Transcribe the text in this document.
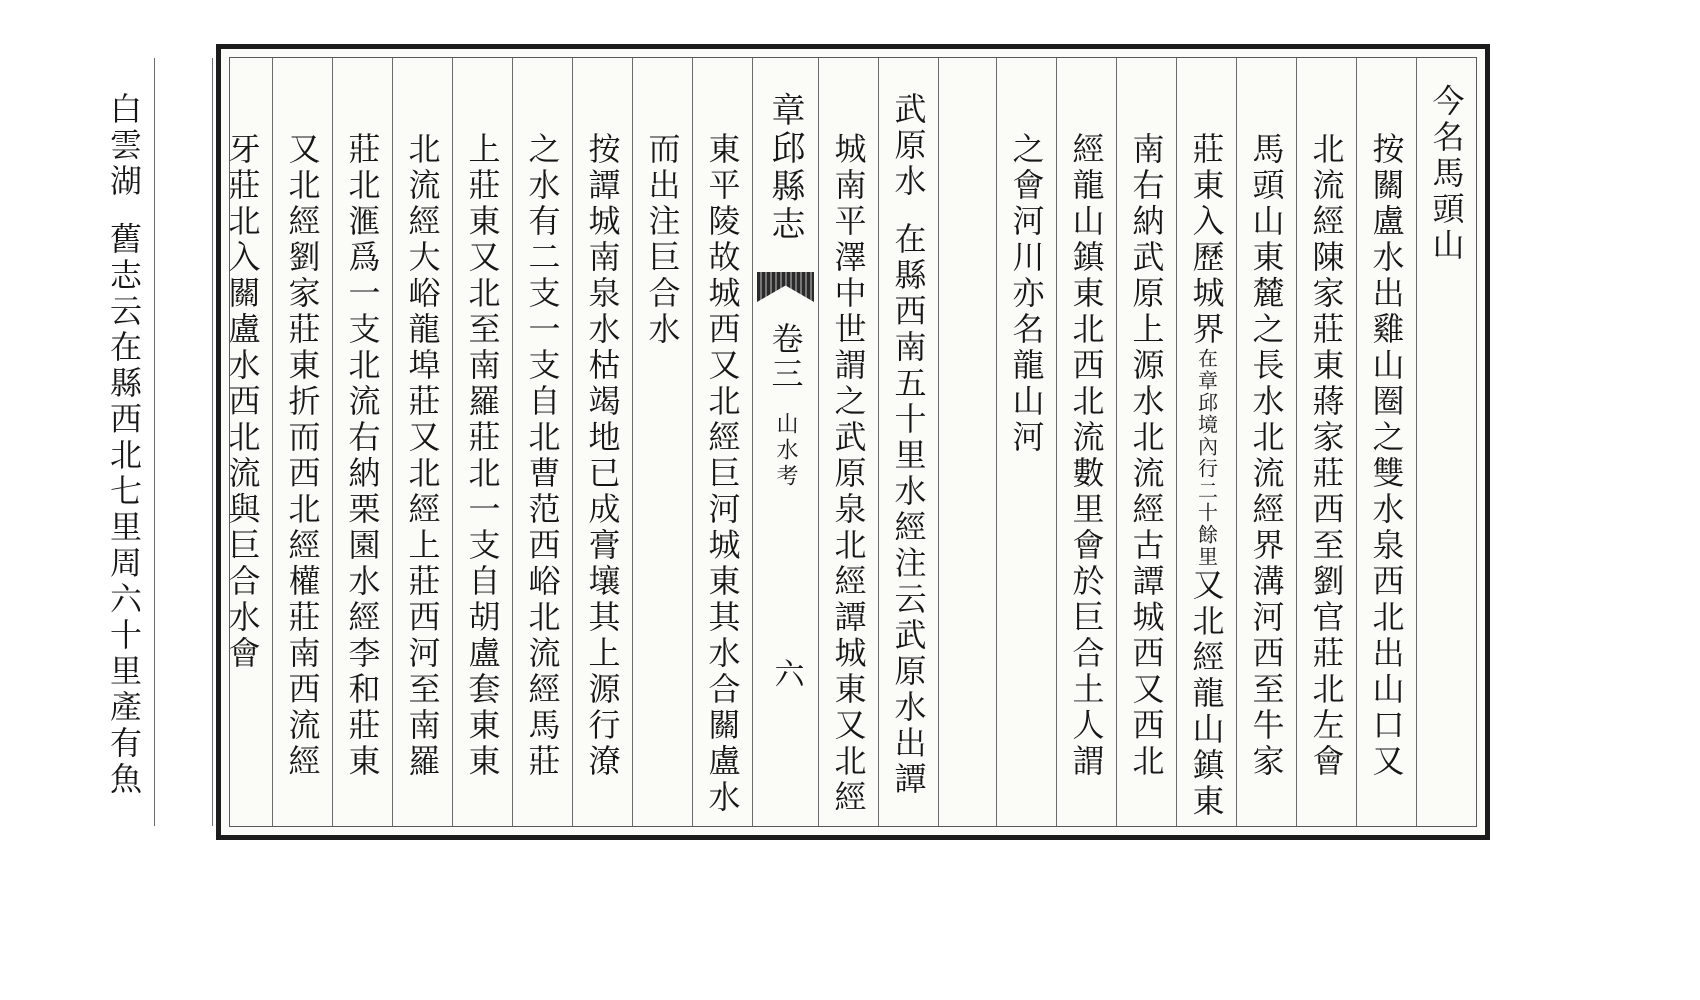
今名馬頭山
按關盧水出雞山圈之雙水泉西北出山口又
北流經陳家莊東蔣家莊西至劉官莊北左會
馬頭山東麓之長水北流經界溝河西至牛家
莊東入歷城界在章邱境內行二十餘里又北經龍山鎮東
南右納武原上源水北流經古譚城西又西北
經龍山鎮東北西北流數里會於巨合土人謂
之會河川亦名龍山河
武原水在縣西南五十里水經注云武原水出譚
城南平澤中世謂之武原泉北經譚城東又北經
章邱縣志
卷三
山水考
六
東平陵故城西又北經巨河城東其水合關盧水
而出注巨合水
按譚城南泉水枯竭地已成膏壤其上源行潦
之水有二支一支自北曹范西峪北流經馬莊
上莊東又北至南羅莊北一支自胡盧套東東
北流經大峪龍埠莊又北經上莊西河至南羅
莊北滙爲一支北流右納栗園水經李和莊東
又北經劉家莊東折而西北經權莊南西流經
牙莊北入關盧水西北流與巨合水會
白雲湖舊志云在縣西北七里周六十里產有魚
